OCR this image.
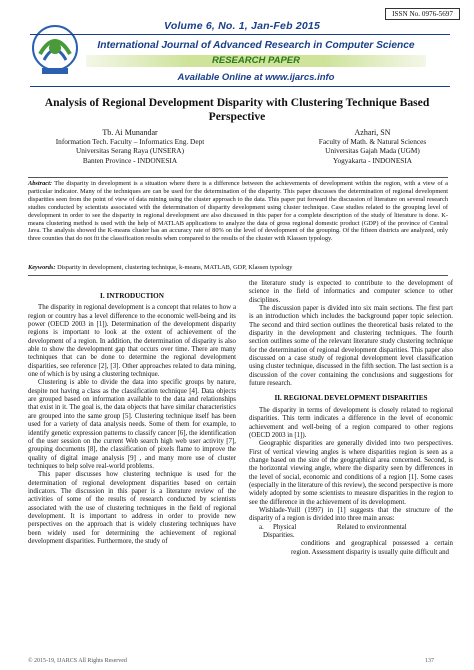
ISSN No. 0976-5697
Volume 6, No. 1, Jan-Feb 2015
International Journal of Advanced Research in Computer Science
RESEARCH PAPER
Available Online at www.ijarcs.info
Analysis of Regional Development Disparity with Clustering Technique Based
Perspective
Tb. Ai Munandar
Information Tech. Faculty – Informatics Eng. Dept
Universitas Serang Raya (UNSERA)
Banten Province - INDONESIA
Azhari, SN
Faculty of Math. & Natural Sciences
Universitas Gajah Mada (UGM)
Yogyakarta - INDONESIA
Abstract: The disparity in development is a situation where there is a difference between the achievements of development within the region, with a view of a particular indicator. Many of the techniques are can be used for the determination of the disparity. This paper discusses the determination of regional development disparities seen from the point of view of data mining using the cluster approach to the data. This paper put forward the discussion of literature on several research studies conducted by scientists associated with the determination of disparity development using cluster technique. Case studies related to the grouping level of development in order to see the disparity in regional development are also discussed in this paper for a complete description of the study of literature is done. K-means clustering method is used with the help of MATLAB applications to analyze the data of gross regional domestic product (GDP) of the province of Central Java. The analysis showed the K-means cluster has an accuracy rate of 80% on the level of development of the grouping. Of the fifteen districts are analyzed, only three counties that do not fit the classification results when compared to the results of the cluster with Klassen typology.
Keywords: Disparity in development, clustering technique, k-means, MATLAB, GDP, Klassen typology
I. INTRODUCTION

The disparity in regional development is a concept that relates to how a region or country has a level difference to the economic well-being and its power (OECD 2003 in [1]). Determination of the development disparity regions is important to look at the extent of achievement of the development of a region. In addition, the determination of disparity is also able to show the development gap that occurs over time. There are many techniques that can be done to determine the regional development disparities, see reference [2], [3]. Other approaches related to data mining, one of which is by using a clustering technique.

Clustering is able to divide the data into specific groups by nature, despite not having a class as the classification technique [4]. Data objects are grouped based on information available to the data and relationships that exist in it. The goal is, the data objects that have similar characteristics are grouped into the same group [5]. Clustering technique itself has been used for a variety of data analysis needs. Some of them for example, to identify genetic expression patterns to classify cancer [6], the identification of the user session on the current Web search high web user activity [7], grouping documents [8], the classification of pixels flame to improve the quality of digital image analysis [9] , and many more use of cluster techniques to help solve real-world problems.

This paper discusses how clustering technique is used for the determination of regional development disparities based on certain indicators. The discussion in this paper is a literature review of the activities of some of the results of research conducted by scientists associated with the use of clustering techniques in the field of regional development. It is important to address in order to provide new perspectives on the approach that is widely clustering techniques have been widely used for determining the achievement of regional development disparities. Furthermore, the study of

the literature study is expected to contribute to the development of science in the field of informatics and computer science to other disciplines.

The discussion paper is divided into six main sections. The first part is an introduction which includes the background paper topic selection. The second and third section outlines the theoretical basis related to the disparity in the development and clustering techniques. The fourth section outlines some of the relevant literature study clustering technique for the determination of regional development disparities. This paper also discussed on a case study of regional development level classification using cluster technique, discussed in the fifth section. The last section is a discussion of the cover containing the conclusions and suggestions for future research.

II. REGIONAL DEVELOPMENT DISPARITIES

The disparity in terms of development is closely related to regional disparities. This term indicates a difference in the level of economic achievement and well-being of a region compared to other regions (OECD 2003 in [1]).

Geographic disparities are generally divided into two perspectives. First of vertical viewing angles is where disparities region is seen as a change based on the size of the geographical area concerned. Second, is the horizontal viewing angle, where the disparity seen by differences in the level of social, economic and conditions of a region [1]. Some cases (especially in the literature of this review), the second perspective is more widely adopted by some scientists to measure disparities in the region to see the difference in the achievement of its development.

Wishlade-Yuill (1997) in [1] suggests that the structure of the disparity of a region is divided into three main areas:

a.	Physical Disparities.
Related to environmental

conditions and geographical possessed a certain region. Assessment disparity is usually quite difficult and

© 2015-19, IJARCS All Rights Reserved	137
